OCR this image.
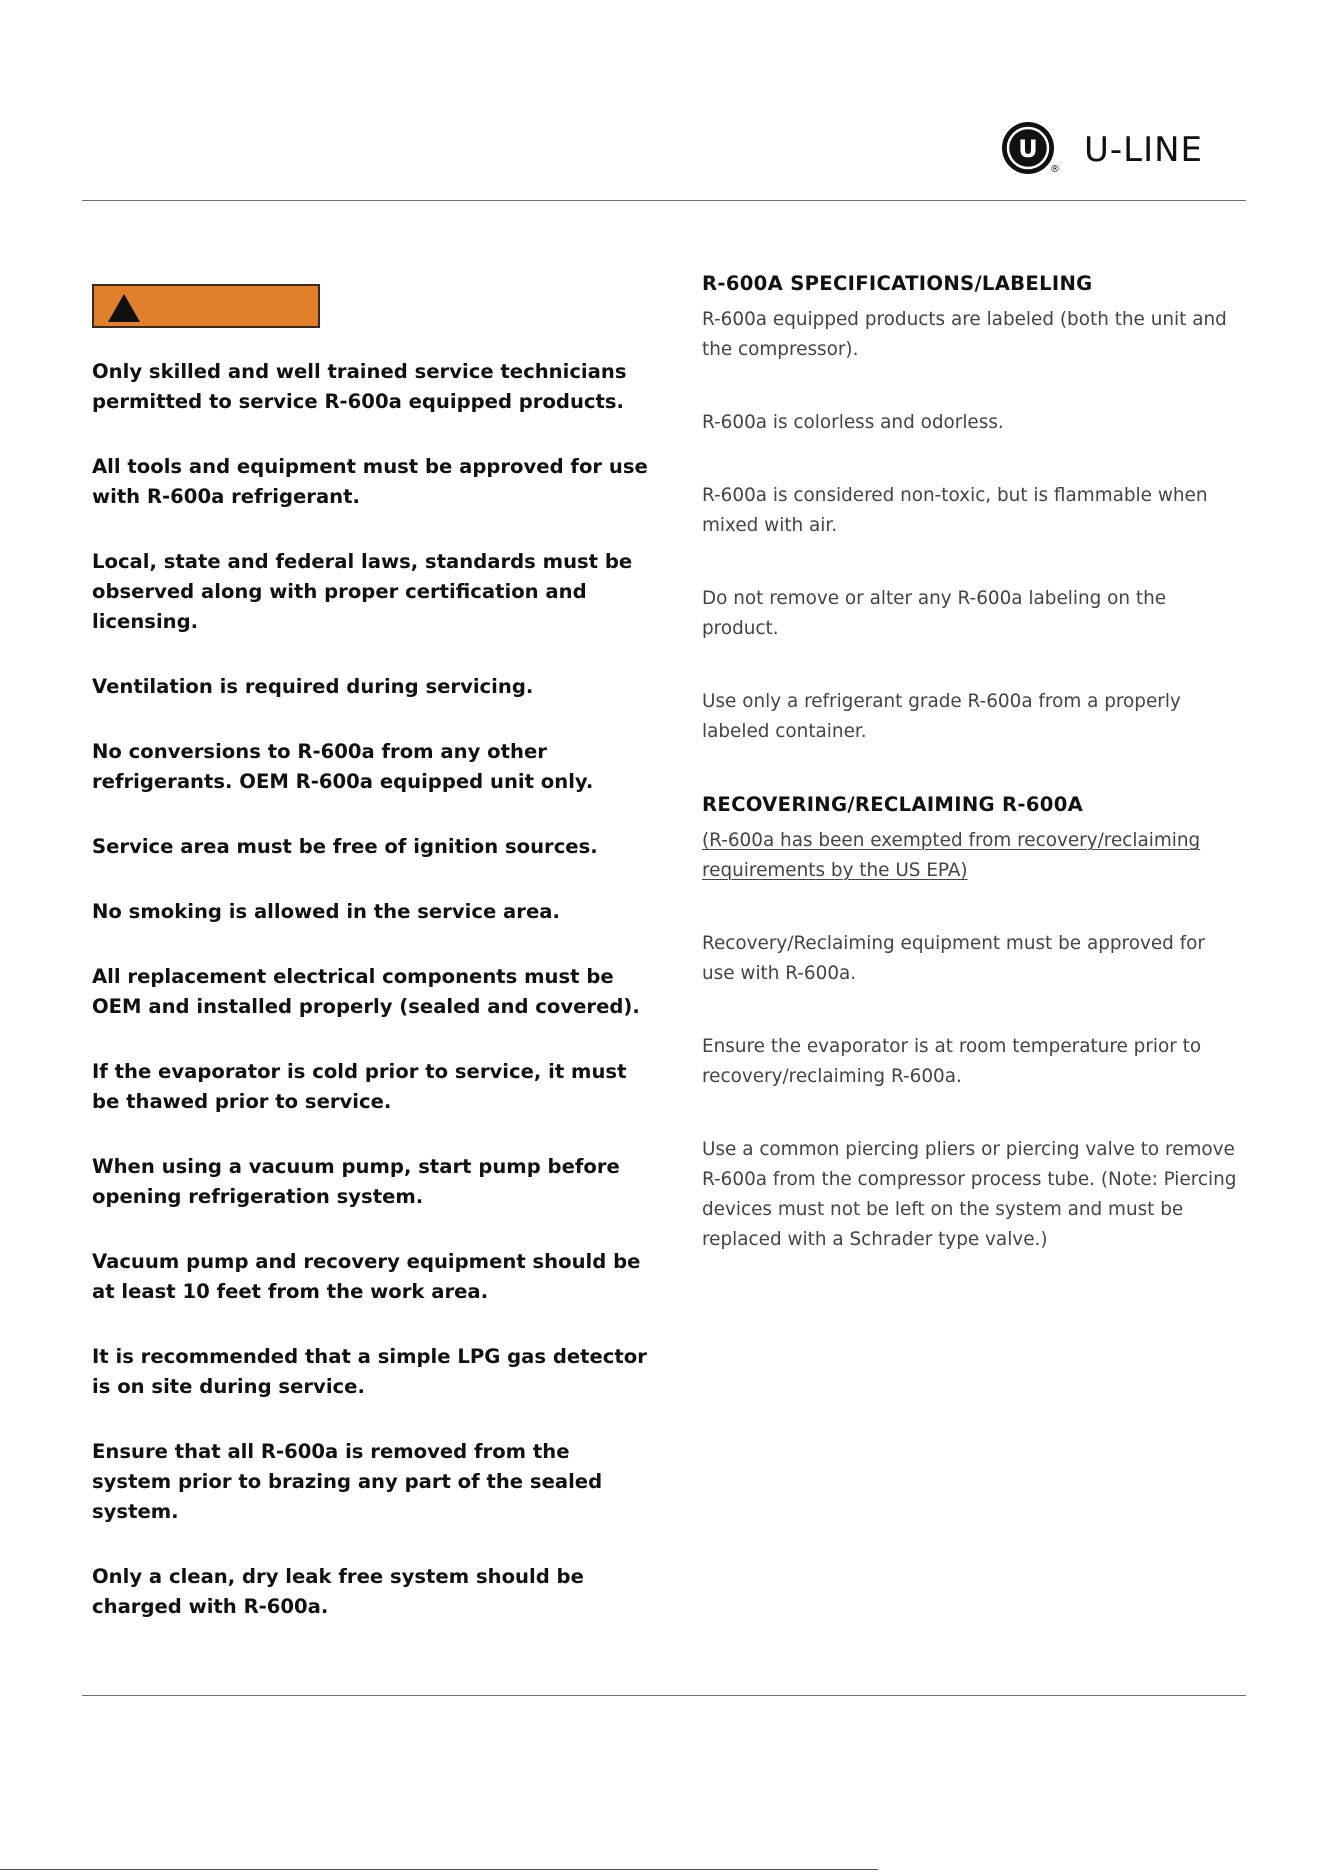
U
® U-LINE

Only skilled and well trained service technicians permitted to service R-600a equipped products.

All tools and equipment must be approved for use with R-600a refrigerant.

Local, state and federal laws, standards must be observed along with proper certification and licensing.

Ventilation is required during servicing.

No conversions to R-600a from any other refrigerants. OEM R-600a equipped unit only.

Service area must be free of ignition sources.

No smoking is allowed in the service area.

All replacement electrical components must be OEM and installed properly (sealed and covered).

If the evaporator is cold prior to service, it must be thawed prior to service.

When using a vacuum pump, start pump before opening refrigeration system.

Vacuum pump and recovery equipment should be at least 10 feet from the work area.

It is recommended that a simple LPG gas detector is on site during service.

Ensure that all R-600a is removed from the system prior to brazing any part of the sealed system.

Only a clean, dry leak free system should be charged with R-600a.

R-600A SPECIFICATIONS/LABELING

R-600a equipped products are labeled (both the unit and the compressor).

R-600a is colorless and odorless.

R-600a is considered non-toxic, but is flammable when mixed with air.

Do not remove or alter any R-600a labeling on the product.

Use only a refrigerant grade R-600a from a properly labeled container.

RECOVERING/RECLAIMING R-600A

(R-600a has been exempted from recovery/reclaiming requirements by the US EPA)

Recovery/Reclaiming equipment must be approved for use with R-600a.

Ensure the evaporator is at room temperature prior to recovery/reclaiming R-600a.

Use a common piercing pliers or piercing valve to remove R-600a from the compressor process tube. (Note: Piercing devices must not be left on the system and must be replaced with a Schrader type valve.)
